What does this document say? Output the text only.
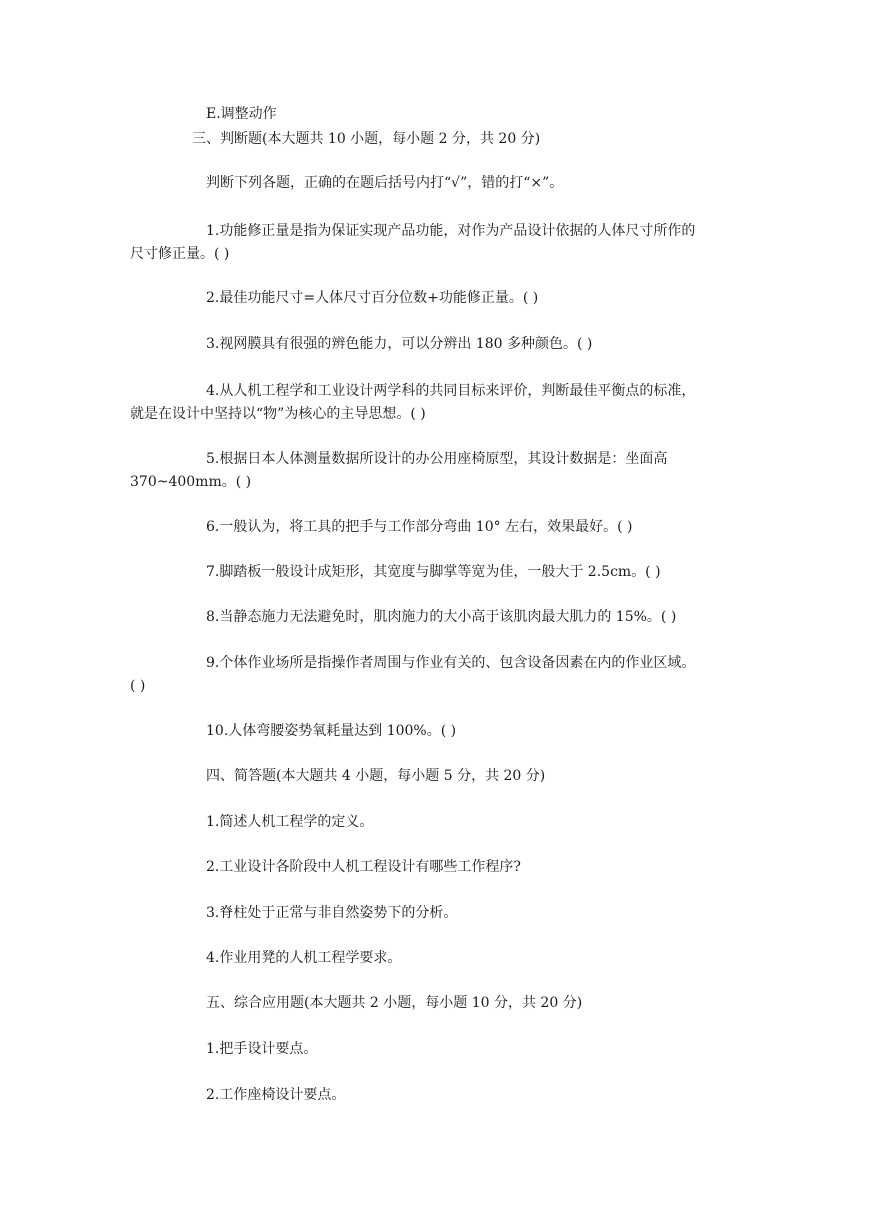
E.调整动作
三、判断题(本大题共 10 小题，每小题 2 分，共 20 分)
判断下列各题，正确的在题后括号内打“√”，错的打“×”。
1.功能修正量是指为保证实现产品功能，对作为产品设计依据的人体尺寸所作的
尺寸修正量。( )
2.最佳功能尺寸=人体尺寸百分位数+功能修正量。( )
3.视网膜具有很强的辨色能力，可以分辨出 180 多种颜色。( )
4.从人机工程学和工业设计两学科的共同目标来评价，判断最佳平衡点的标准，
就是在设计中坚持以“物”为核心的主导思想。( )
5.根据日本人体测量数据所设计的办公用座椅原型，其设计数据是：坐面高
370~400mm。( )
6.一般认为，将工具的把手与工作部分弯曲 10° 左右，效果最好。( )
7.脚踏板一般设计成矩形，其宽度与脚掌等宽为佳，一般大于 2.5cm。( )
8.当静态施力无法避免时，肌肉施力的大小高于该肌肉最大肌力的 15%。( )
9.个体作业场所是指操作者周围与作业有关的、包含设备因素在内的作业区域。
( )
10.人体弯腰姿势氧耗量达到 100%。( )
四、简答题(本大题共 4 小题，每小题 5 分，共 20 分)
1.简述人机工程学的定义。
2.工业设计各阶段中人机工程设计有哪些工作程序?
3.脊柱处于正常与非自然姿势下的分析。
4.作业用凳的人机工程学要求。
五、综合应用题(本大题共 2 小题，每小题 10 分，共 20 分)
1.把手设计要点。
2.工作座椅设计要点。
